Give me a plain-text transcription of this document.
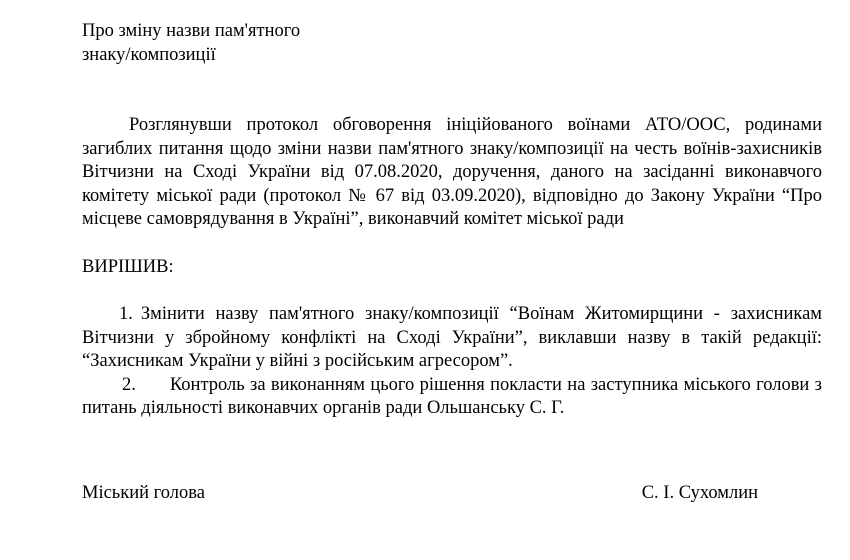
Про зміну назви пам'ятного
знаку/композиції

Розглянувши протокол обговорення ініційованого воїнами АТО/ООС, родинами загиблих питання щодо зміни назви пам'ятного знаку/композиції на честь воїнів-захисників Вітчизни на Сході України від 07.08.2020, доручення, даного на засіданні виконавчого комітету міської ради (протокол № 67 від 03.09.2020), відповідно до Закону України “Про місцеве самоврядування в Україні”, виконавчий комітет міської ради

ВИРІШИВ:

1. Змінити назву пам'ятного знаку/композиції “Воїнам Житомирщини - захисникам Вітчизни у збройному конфлікті на Сході України”, виклавши назву в такій редакції: “Захисникам України у війні з російським агресором”.

2. Контроль за виконанням цього рішення покласти на заступника міського голови з питань діяльності виконавчих органів ради Ольшанську С. Г.

Міський голова	С. І. Сухомлин
